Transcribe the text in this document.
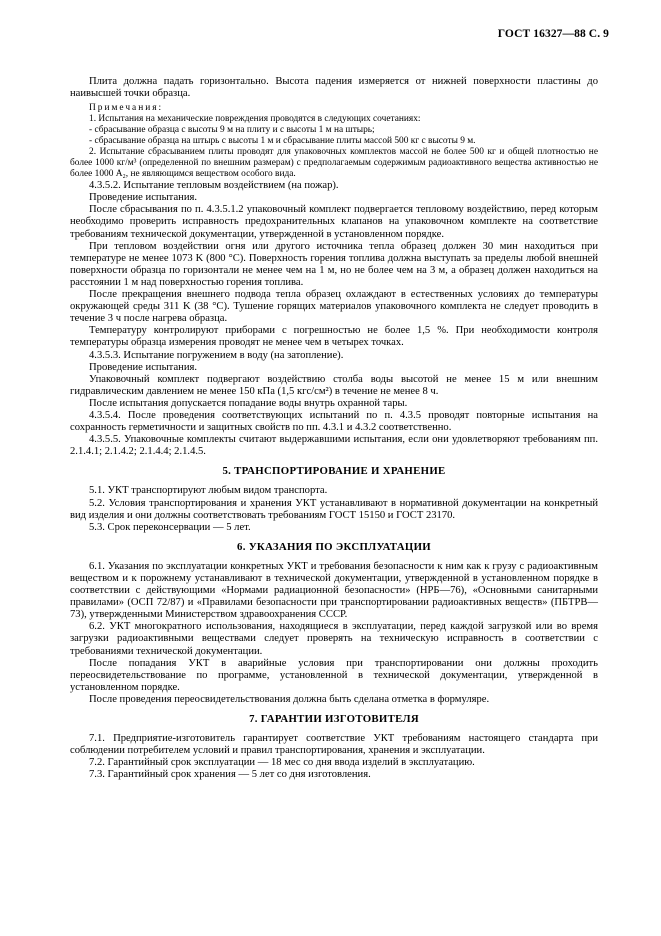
ГОСТ 16327—88 С. 9

Плита должна падать горизонтально. Высота падения измеряется от нижней поверхности пластины до наивысшей точки образца.

Примечания:

1. Испытания на механические повреждения проводятся в следующих сочетаниях:

- сбрасывание образца с высоты 9 м на плиту и с высоты 1 м на штырь;

- сбрасывание образца на штырь с высоты 1 м и сбрасывание плиты массой 500 кг с высоты 9 м.

2. Испытание сбрасыванием плиты проводят для упаковочных комплектов массой не более 500 кг и общей плотностью не более 1000 кг/м³ (определенной по внешним размерам) с предполагаемым содержимым радиоактивного вещества активностью не более 1000 A₂, не являющимся веществом особого вида.

4.3.5.2. Испытание тепловым воздействием (на пожар).

Проведение испытания.

После сбрасывания по п. 4.3.5.1.2 упаковочный комплект подвергается тепловому воздействию, перед которым необходимо проверить исправность предохранительных клапанов на упаковочном комплекте на соответствие требованиям технической документации, утвержденной в установленном порядке.

При тепловом воздействии огня или другого источника тепла образец должен 30 мин находиться при температуре не менее 1073 K (800 °C). Поверхность горения топлива должна выступать за пределы любой внешней поверхности образца по горизонтали не менее чем на 1 м, но не более чем на 3 м, а образец должен находиться на расстоянии 1 м над поверхностью горения топлива.

После прекращения внешнего подвода тепла образец охлаждают в естественных условиях до температуры окружающей среды 311 K (38 °C). Тушение горящих материалов упаковочного комплекта не следует проводить в течение 3 ч после нагрева образца.

Температуру контролируют приборами с погрешностью не более 1,5 %. При необходимости контроля температуры образца измерения проводят не менее чем в четырех точках.

4.3.5.3. Испытание погружением в воду (на затопление).

Проведение испытания.

Упаковочный комплект подвергают воздействию столба воды высотой не менее 15 м или внешним гидравлическим давлением не менее 150 кПа (1,5 кгс/см²) в течение не менее 8 ч.

После испытания допускается попадание воды внутрь охранной тары.

4.3.5.4. После проведения соответствующих испытаний по п. 4.3.5 проводят повторные испытания на сохранность герметичности и защитных свойств по пп. 4.3.1 и 4.3.2 соответственно.

4.3.5.5. Упаковочные комплекты считают выдержавшими испытания, если они удовлетворяют требованиям пп. 2.1.4.1; 2.1.4.2; 2.1.4.4; 2.1.4.5.

5. ТРАНСПОРТИРОВАНИЕ И ХРАНЕНИЕ

5.1. УКТ транспортируют любым видом транспорта.

5.2. Условия транспортирования и хранения УКТ устанавливают в нормативной документации на конкретный вид изделия и они должны соответствовать требованиям ГОСТ 15150 и ГОСТ 23170.

5.3. Срок переконсервации — 5 лет.

6. УКАЗАНИЯ ПО ЭКСПЛУАТАЦИИ

6.1. Указания по эксплуатации конкретных УКТ и требования безопасности к ним как к грузу с радиоактивным веществом и к порожнему устанавливают в технической документации, утвержденной в установленном порядке в соответствии с действующими «Нормами радиационной безопасности» (НРБ—76), «Основными санитарными правилами» (ОСП 72/87) и «Правилами безопасности при транспортировании радиоактивных веществ» (ПБТРВ—73), утвержденными Министерством здравоохранения СССР.

6.2. УКТ многократного использования, находящиеся в эксплуатации, перед каждой загрузкой или во время загрузки радиоактивными веществами следует проверять на техническую исправность в соответствии с требованиями технической документации.

После попадания УКТ в аварийные условия при транспортировании они должны проходить переосвидетельствование по программе, установленной в технической документации, утвержденной в установленном порядке.

После проведения переосвидетельствования должна быть сделана отметка в формуляре.

7. ГАРАНТИИ ИЗГОТОВИТЕЛЯ

7.1. Предприятие-изготовитель гарантирует соответствие УКТ требованиям настоящего стандарта при соблюдении потребителем условий и правил транспортирования, хранения и эксплуатации.

7.2. Гарантийный срок эксплуатации — 18 мес со дня ввода изделий в эксплуатацию.

7.3. Гарантийный срок хранения — 5 лет со дня изготовления.
